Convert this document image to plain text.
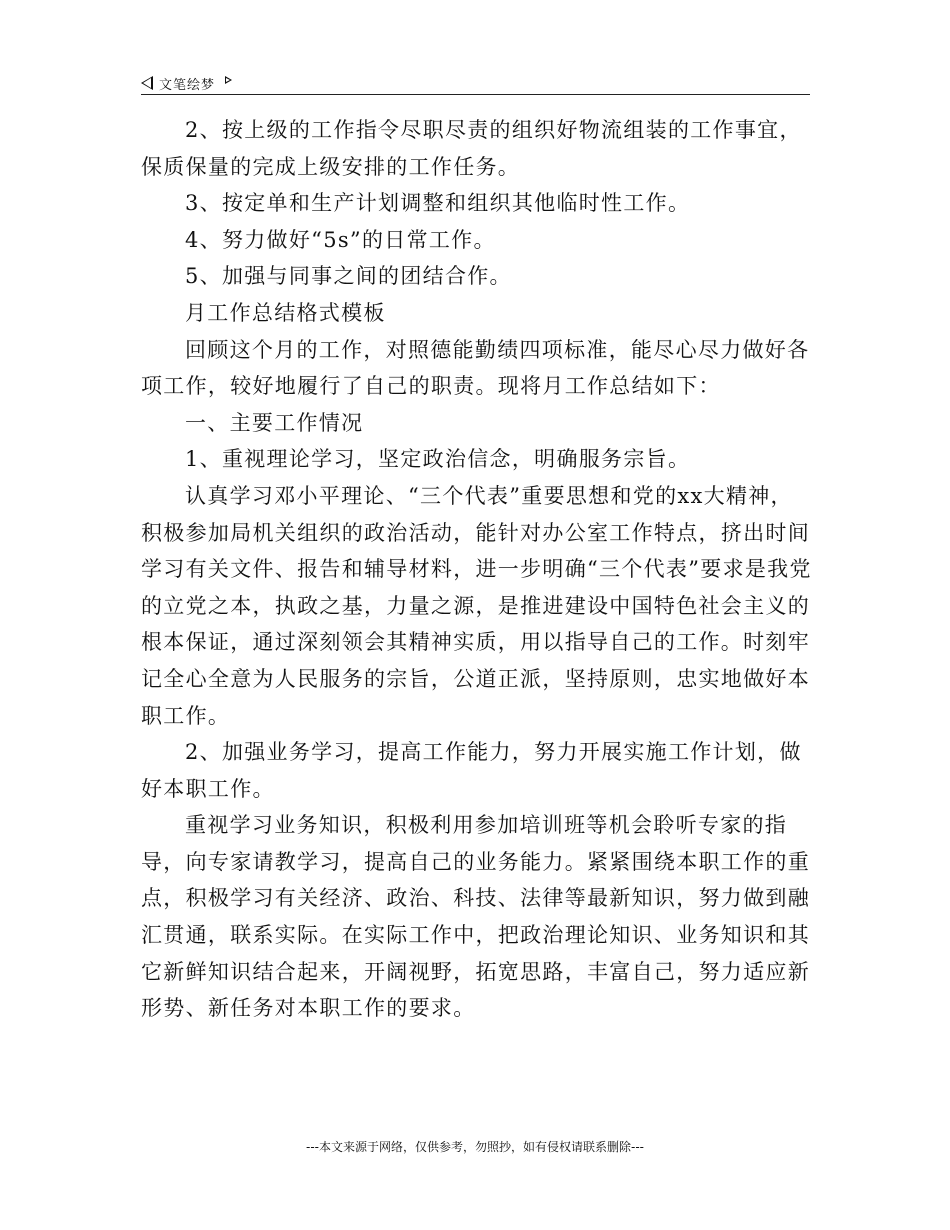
文笔绘梦

2、按上级的工作指令尽职尽责的组织好物流组装的工作事宜，保质保量的完成上级安排的工作任务。

3、按定单和生产计划调整和组织其他临时性工作。

4、努力做好“5s”的日常工作。

5、加强与同事之间的团结合作。

月工作总结格式模板

回顾这个月的工作，对照德能勤绩四项标准，能尽心尽力做好各项工作，较好地履行了自己的职责。现将月工作总结如下：

一、主要工作情况

1、重视理论学习，坚定政治信念，明确服务宗旨。

认真学习邓小平理论、“三个代表”重要思想和党的xx大精神，积极参加局机关组织的政治活动，能针对办公室工作特点，挤出时间学习有关文件、报告和辅导材料，进一步明确“三个代表”要求是我党的立党之本，执政之基，力量之源，是推进建设中国特色社会主义的根本保证，通过深刻领会其精神实质，用以指导自己的工作。时刻牢记全心全意为人民服务的宗旨，公道正派，坚持原则，忠实地做好本职工作。

2、加强业务学习，提高工作能力，努力开展实施工作计划，做好本职工作。

重视学习业务知识，积极利用参加培训班等机会聆听专家的指导，向专家请教学习，提高自己的业务能力。紧紧围绕本职工作的重点，积极学习有关经济、政治、科技、法律等最新知识，努力做到融汇贯通，联系实际。在实际工作中，把政治理论知识、业务知识和其它新鲜知识结合起来，开阔视野，拓宽思路，丰富自己，努力适应新形势、新任务对本职工作的要求。

---本文来源于网络，仅供参考，勿照抄，如有侵权请联系删除---
